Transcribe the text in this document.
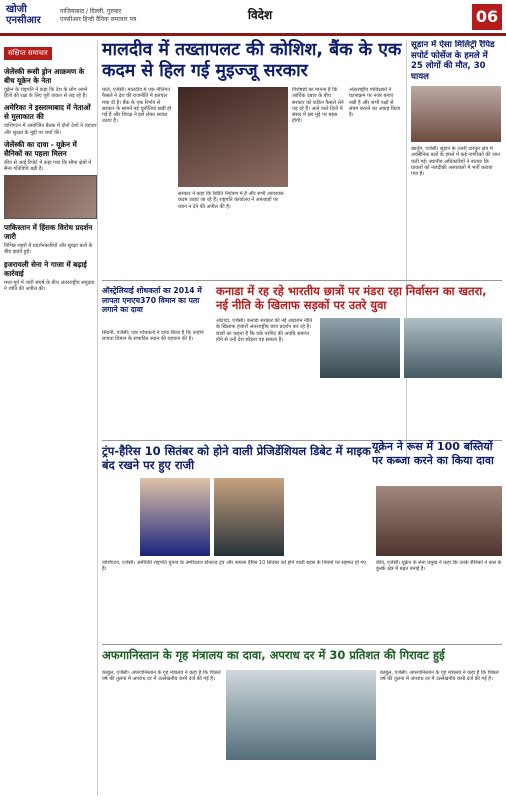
खोजी एनसीआर
गाजियाबाद / दिल्ली, गुरुवार
एनसीआर हिन्दी दैनिक समाचार पत्र	विदेश	06
संक्षिप्त समाचार
जेलेंस्की रूसी ड्रोन आक्रमण के बीच यूक्रेन के नेता
यूक्रेन के राष्ट्रपति ने कहा कि देश के लोग अपने हितों की रक्षा के लिए पूरी ताकत से लड़ रहे हैं।
अमेरिका ने इस्लामाबाद में नेताओं से मुलाकात की
वाशिंगटन में आयोजित बैठक में दोनों देशों ने व्यापार और सुरक्षा के मुद्दों पर चर्चा की।
जेलेंस्की का दावा - यूक्रेन में सैनिकों का पहला मिलन
कीव से आई रिपोर्ट में कहा गया कि सीमा क्षेत्रों में सैन्य गतिविधि बढ़ी है।
पाकिस्तान में हिंसक विरोध प्रदर्शन जारी
विभिन्न शहरों में प्रदर्शनकारियों और सुरक्षा बलों के बीच झड़पें हुईं।
इजरायली सेना ने गाजा में बढ़ाई कार्रवाई
मध्य-पूर्व में जारी संघर्ष के बीच अंतरराष्ट्रीय समुदाय ने शांति की अपील की।
मालदीव में तख्तापलट की कोशिश, बैंक के एक कदम से हिल गई मुइज्जू सरकार
माले, एजेंसी। मालदीव में एक नीतिगत फैसले ने देश की राजनीति में हलचल मचा दी है। बैंक के एक निर्णय से सरकार के सामने नई चुनौतियां खड़ी हो गई हैं और विपक्ष ने इसे लेकर सवाल उठाए हैं।
सरकार ने कहा कि स्थिति नियंत्रण में है और सभी आवश्यक कदम उठाए जा रहे हैं। राष्ट्रपति कार्यालय ने अफवाहों पर ध्यान न देने की अपील की है।
विशेषज्ञों का मानना है कि आर्थिक दबाव के बीच सरकार को कठिन फैसले लेने पड़ रहे हैं। आने वाले दिनों में संसद में इस मुद्दे पर बहस होगी।
अंतरराष्ट्रीय पर्यवेक्षकों ने घटनाक्रम पर नजर बनाए रखी है और सभी पक्षों से संयम बरतने का आग्रह किया है।
सूडान में ऐसा मिलिट्री रैपिड सपोर्ट फोर्सेज के हमले में 25 लोगों की मौत, 30 घायल
खार्तूम, एजेंसी। सूडान के उत्तरी दारफुर क्षेत्र में अर्धसैनिक बलों के हमले में कई नागरिकों की जान चली गई। स्थानीय अधिकारियों ने बताया कि घायलों को नजदीकी अस्पतालों में भर्ती कराया गया है।
ऑस्ट्रेलियाई शोधकर्ता का 2014 में लापता एमएच370 विमान का पता लगाने का दावा
सिडनी, एजेंसी। एक शोधकर्ता ने दावा किया है कि उन्होंने लापता विमान के संभावित स्थान की पहचान की है।
कनाडा में रह रहे भारतीय छात्रों पर मंडरा रहा निर्वासन का खतरा, नई नीति के खिलाफ सड़कों पर उतरे युवा
ओटावा, एजेंसी। कनाडा सरकार की नई आव्रजन नीति के खिलाफ हजारों अंतरराष्ट्रीय छात्र प्रदर्शन कर रहे हैं। छात्रों का कहना है कि वर्क परमिट की अवधि समाप्त होने से उन्हें देश छोड़ना पड़ सकता है।
ट्रंप-हैरिस 10 सितंबर को होने वाली प्रेजिडेंशियल डिबेट में माइक बंद रखने पर हुए राजी
वाशिंगटन, एजेंसी। अमेरिकी राष्ट्रपति चुनाव के उम्मीदवार डोनाल्ड ट्रंप और कमला हैरिस 10 सितंबर को होने वाली बहस के नियमों पर सहमत हो गए हैं।
यूक्रेन ने रूस में 100 बस्तियों पर कब्जा करने का किया दावा
कीव, एजेंसी। यूक्रेन के सेना प्रमुख ने कहा कि उनके सैनिकों ने रूस के कुर्स्क क्षेत्र में बढ़त बनाई है।
अफगानिस्तान के गृह मंत्रालय का दावा, अपराध दर में 30 प्रतिशत की गिरावट हुई
काबुल, एजेंसी। अफगानिस्तान के गृह मंत्रालय ने कहा है कि पिछले वर्ष की तुलना में अपराध दर में उल्लेखनीय कमी दर्ज की गई है।
काबुल, एजेंसी। अफगानिस्तान के गृह मंत्रालय ने कहा है कि पिछले वर्ष की तुलना में अपराध दर में उल्लेखनीय कमी दर्ज की गई है।
